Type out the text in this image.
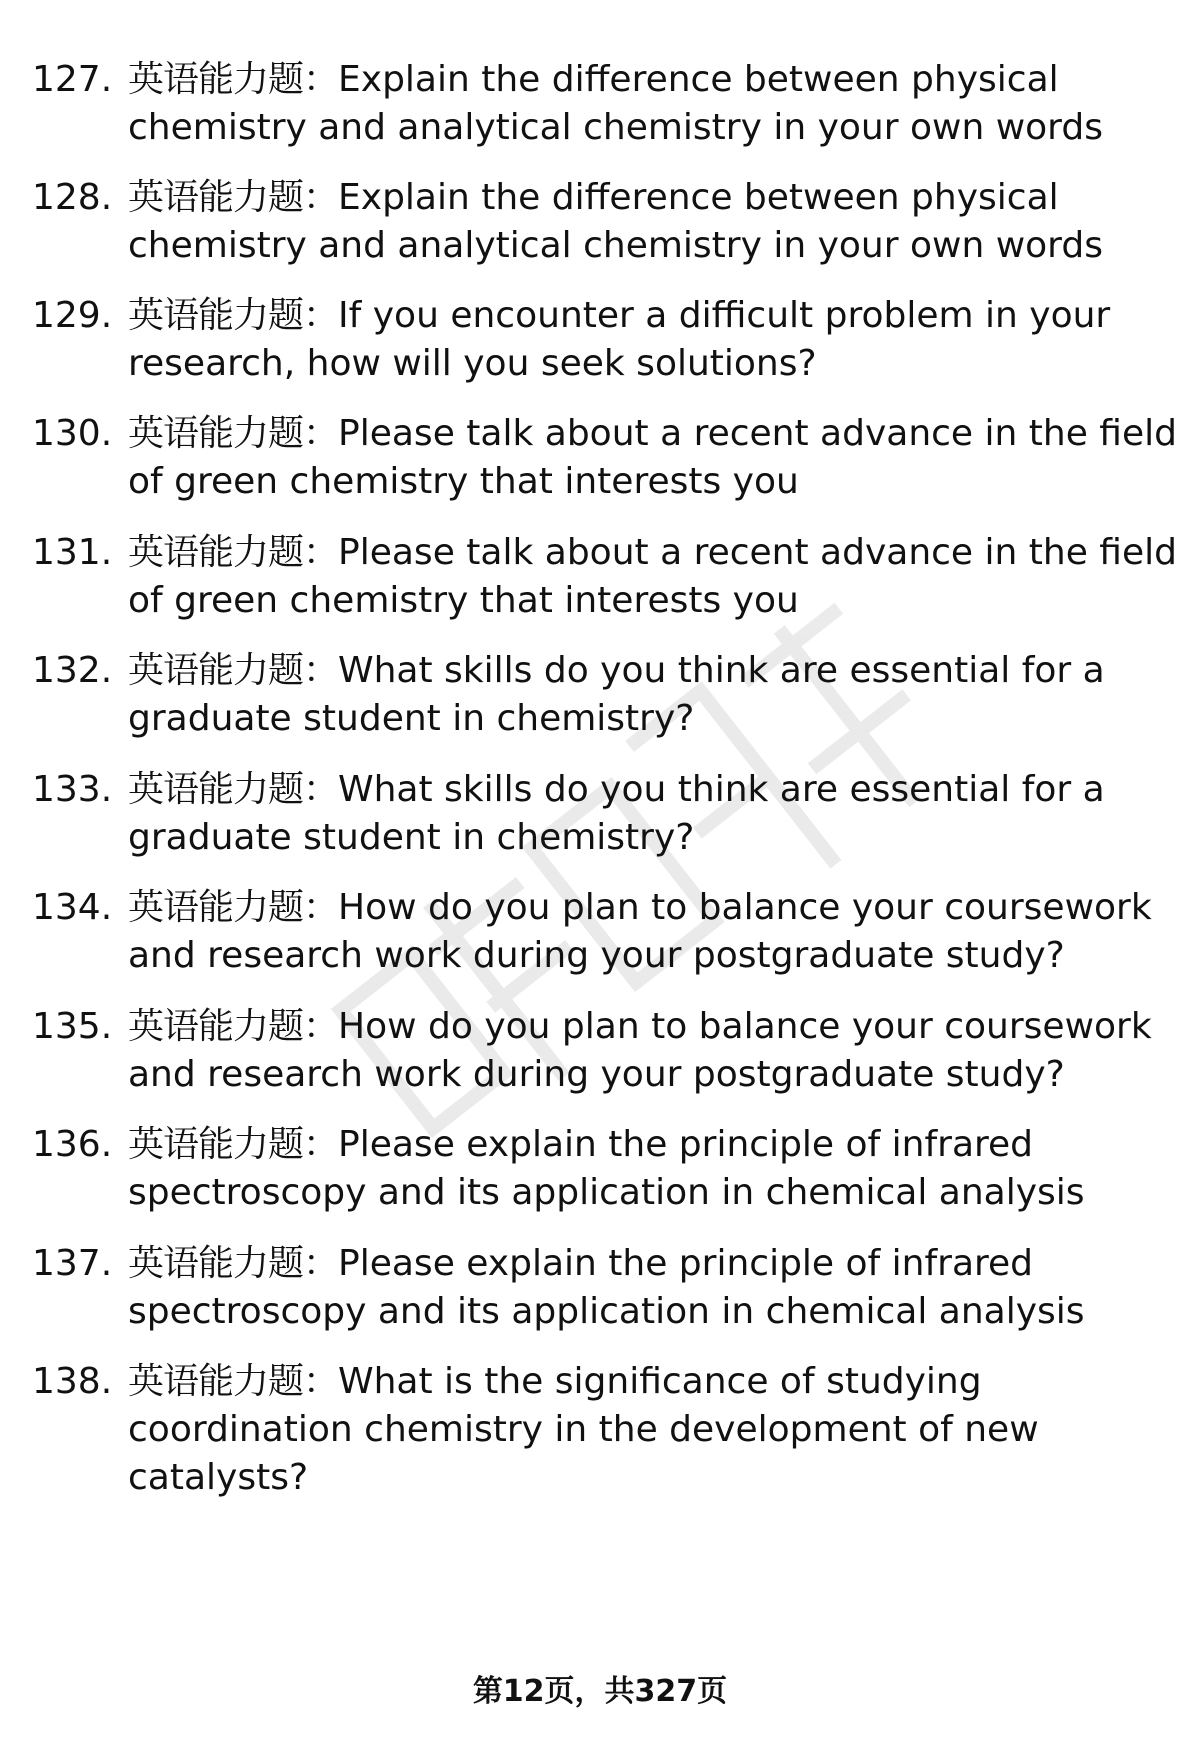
127. 英语能力题：Explain the difference between physical
chemistry and analytical chemistry in your own words
128. 英语能力题：Explain the difference between physical
chemistry and analytical chemistry in your own words
129. 英语能力题：If you encounter a difficult problem in your
research, how will you seek solutions?
130. 英语能力题：Please talk about a recent advance in the field
of green chemistry that interests you
131. 英语能力题：Please talk about a recent advance in the field
of green chemistry that interests you
132. 英语能力题：What skills do you think are essential for a
graduate student in chemistry?
133. 英语能力题：What skills do you think are essential for a
graduate student in chemistry?
134. 英语能力题：How do you plan to balance your coursework
and research work during your postgraduate study?
135. 英语能力题：How do you plan to balance your coursework
and research work during your postgraduate study?
136. 英语能力题：Please explain the principle of infrared
spectroscopy and its application in chemical analysis
137. 英语能力题：Please explain the principle of infrared
spectroscopy and its application in chemical analysis
138. 英语能力题：What is the significance of studying
coordination chemistry in the development of new
catalysts?
第12页，共327页
